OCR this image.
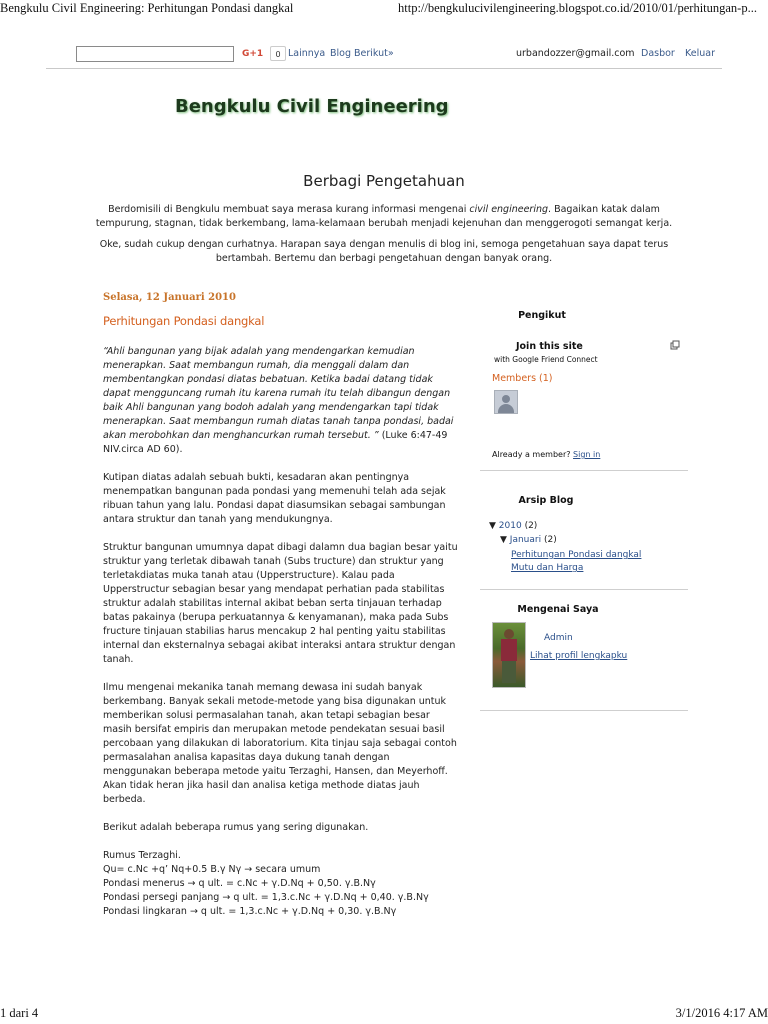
Bengkulu Civil Engineering: Perhitungan Pondasi dangkal	http://bengkulucivilengineering.blogspot.co.id/2010/01/perhitungan-p...
G+1	0 Lainnya Blog Berikut»	urbandozzer@gmail.com Dasbor Keluar
Bengkulu Civil Engineering
Berbagi Pengetahuan

Berdomisili di Bengkulu membuat saya merasa kurang informasi mengenai civil engineering. Bagaikan katak dalam tempurung, stagnan, tidak berkembang, lama-kelamaan berubah menjadi kejenuhan dan menggerogoti semangat kerja.

Oke, sudah cukup dengan curhatnya. Harapan saya dengan menulis di blog ini, semoga pengetahuan saya dapat terus bertambah. Bertemu dan berbagi pengetahuan dengan banyak orang.

Selasa, 12 Januari 2010
Perhitungan Pondasi dangkal

“Ahli bangunan yang bijak adalah yang mendengarkan kemudian menerapkan. Saat membangun rumah, dia menggali dalam dan membentangkan pondasi diatas bebatuan. Ketika badai datang tidak dapat mengguncang rumah itu karena rumah itu telah dibangun dengan baik Ahli bangunan yang bodoh adalah yang mendengarkan tapi tidak menerapkan. Saat membangun rumah diatas tanah tanpa pondasi, badai akan merobohkan dan menghancurkan rumah tersebut. ” (Luke 6:47-49 NIV.circa AD 60).

Kutipan diatas adalah sebuah bukti, kesadaran akan pentingnya menempatkan bangunan pada pondasi yang memenuhi telah ada sejak ribuan tahun yang lalu. Pondasi dapat diasumsikan sebagai sambungan antara struktur dan tanah yang mendukungnya.

Struktur bangunan umumnya dapat dibagi dalamn dua bagian besar yaitu struktur yang terletak dibawah tanah (Subs tructure) dan struktur yang terletakdiatas muka tanah atau (Upperstructure). Kalau pada Upperstructur sebagian besar yang mendapat perhatian pada stabilitas struktur adalah stabilitas internal akibat beban serta tinjauan terhadap batas pakainya (berupa perkuatannya & kenyamanan), maka pada Subs fructure tinjauan stabilias harus mencakup 2 hal penting yaitu stabilitas internal dan eksternalnya sebagai akibat interaksi antara struktur dengan tanah.

Ilmu mengenai mekanika tanah memang dewasa ini sudah banyak berkembang. Banyak sekali metode-metode yang bisa digunakan untuk memberikan solusi permasalahan tanah, akan tetapi sebagian besar masih bersifat empiris dan merupakan metode pendekatan sesuai basil percobaan yang dilakukan di laboratorium. Kita tinjau saja sebagai contoh permasalahan analisa kapasitas daya dukung tanah dengan menggunakan beberapa metode yaitu Terzaghi, Hansen, dan Meyerhoff. Akan tidak heran jika hasil dan analisa ketiga methode diatas jauh berbeda.

Berikut adalah beberapa rumus yang sering digunakan.

Rumus Terzaghi.

Qu= c.Nc +q’ Nq+0.5 B.γ Nγ → secara umum

Pondasi menerus → q ult. = c.Nc + γ.D.Nq + 0,50. γ.B.Nγ

Pondasi persegi panjang → q ult. = 1,3.c.Nc + γ.D.Nq + 0,40. γ.B.Nγ

Pondasi lingkaran → q ult. = 1,3.c.Nc + γ.D.Nq + 0,30. γ.B.Nγ

Pengikut
Join this site
with Google Friend Connect
Members (1)
Already a member? Sign in
Arsip Blog
▼ 2010 (2)
▼ Januari (2)
Perhitungan Pondasi dangkal
Mutu dan Harga
Mengenai Saya
Admin
Lihat profil lengkapku
1 dari 4	3/1/2016 4:17 AM
